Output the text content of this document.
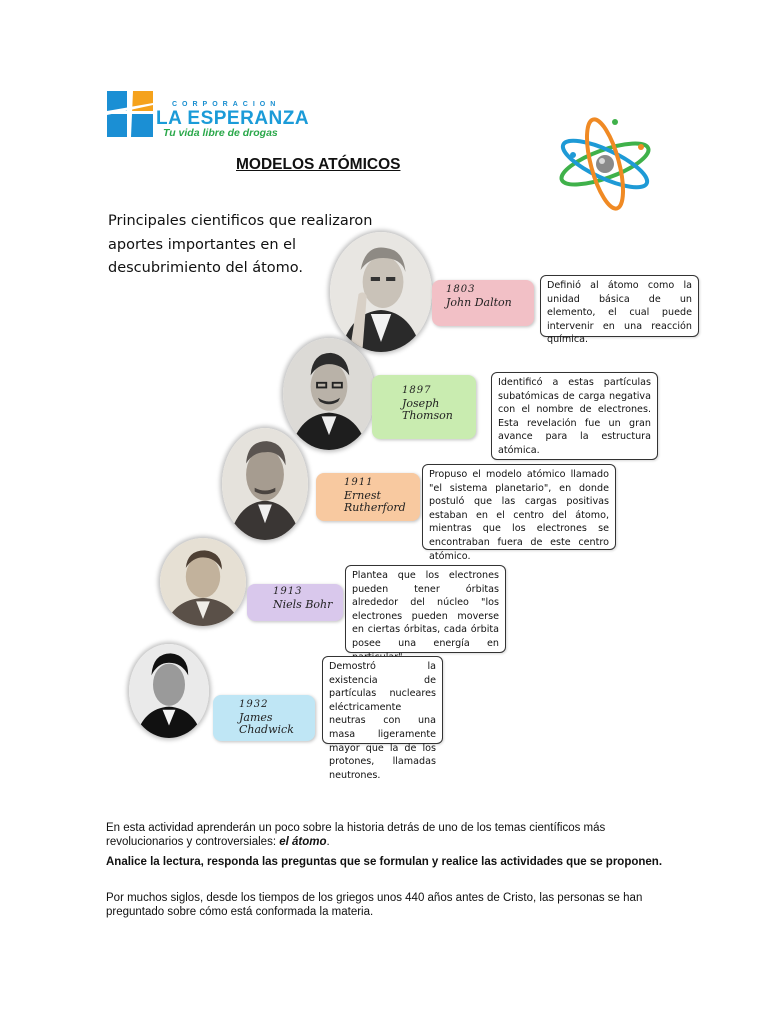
CORPORACION
LA ESPERANZA
Tu vida libre de drogas
MODELOS ATÓMICOS
Principales cientificos que realizaron
aportes importantes en el
descubrimiento del átomo.
1803
John Dalton
1897
Joseph Thomson
1911
Ernest Rutherford
1913
Niels Bohr
1932
James Chadwick
Definió al átomo como la unidad básica de un elemento, el cual puede intervenir en una reacción química.
Identificó a estas partículas subatómicas de carga negativa con el nombre de electrones. Esta revelación fue un gran avance para la estructura atómica.
Propuso el modelo atómico llamado "el sistema planetario", en donde postuló que las cargas positivas estaban en el centro del átomo, mientras que los electrones se encontraban fuera de este centro atómico.
Plantea que los electrones pueden tener órbitas alrededor del núcleo "los electrones pueden moverse en ciertas órbitas, cada órbita posee una energía en
Demostró la existencia de partículas nucleares eléctricamente neutras con una masa ligeramente mayor que la de los protones, llamadas neutrones.
En esta actividad aprenderán un poco sobre la historia detrás de uno de los temas científicos más revolucionarios y controversiales: el átomo.
Analice la lectura, responda las preguntas que se formulan y realice las actividades que se proponen.
Por muchos siglos, desde los tiempos de los griegos unos 440 años antes de Cristo, las personas se han preguntado sobre cómo está conformada la materia.
